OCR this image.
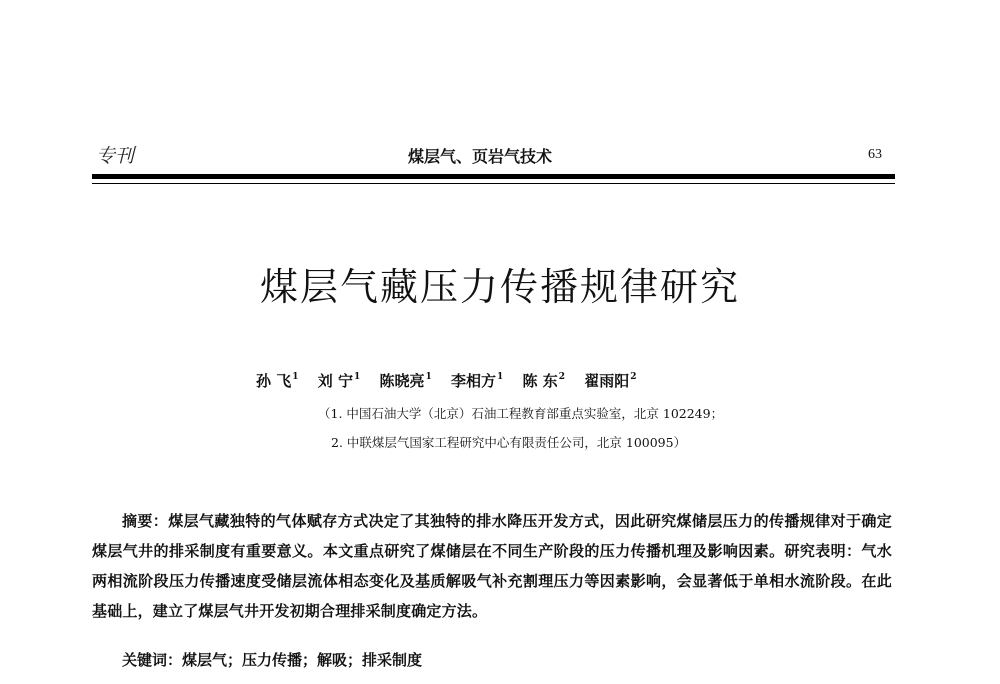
专刊	煤层气、页岩气技术	63
煤层气藏压力传播规律研究
孙 飞$^1$ 刘 宁$^1$ 陈晓亮$^1$ 李相方$^1$ 陈 东$^2$ 翟雨阳$^2$
（1. 中国石油大学（北京）石油工程教育部重点实验室，北京 102249；
2. 中联煤层气国家工程研究中心有限责任公司，北京 100095）
摘要：煤层气藏独特的气体赋存方式决定了其独特的排水降压开发方式，因此研究煤储层压力的传播规律对于确定煤层气井的排采制度有重要意义。本文重点研究了煤储层在不同生产阶段的压力传播机理及影响因素。研究表明：气水两相流阶段压力传播速度受储层流体相态变化及基质解吸气补充割理压力等因素影响，会显著低于单相水流阶段。在此基础上，建立了煤层气井开发初期合理排采制度确定方法。
关键词：煤层气；压力传播；解吸；排采制度
